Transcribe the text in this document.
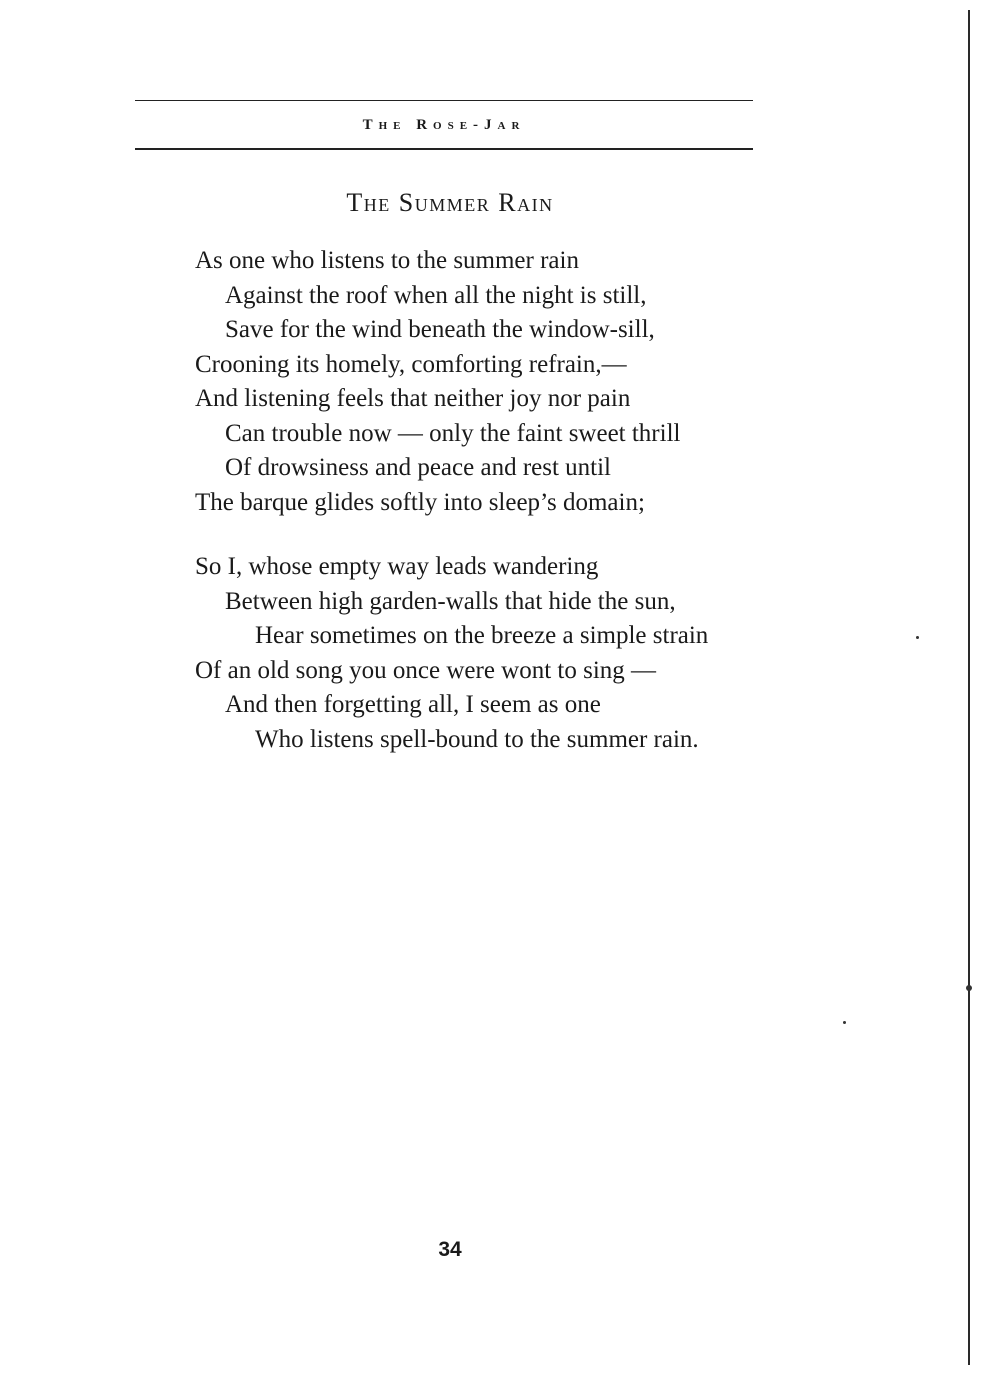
The Rose-Jar
The Summer Rain
As one who listens to the summer rain
Against the roof when all the night is still,
Save for the wind beneath the window-sill,
Crooning its homely, comforting refrain,—
And listening feels that neither joy nor pain
Can trouble now — only the faint sweet thrill
Of drowsiness and peace and rest until
The barque glides softly into sleep’s domain;
So I, whose empty way leads wandering
Between high garden-walls that hide the sun,
Hear sometimes on the breeze a simple strain
Of an old song you once were wont to sing —
And then forgetting all, I seem as one
Who listens spell-bound to the summer rain.
34
